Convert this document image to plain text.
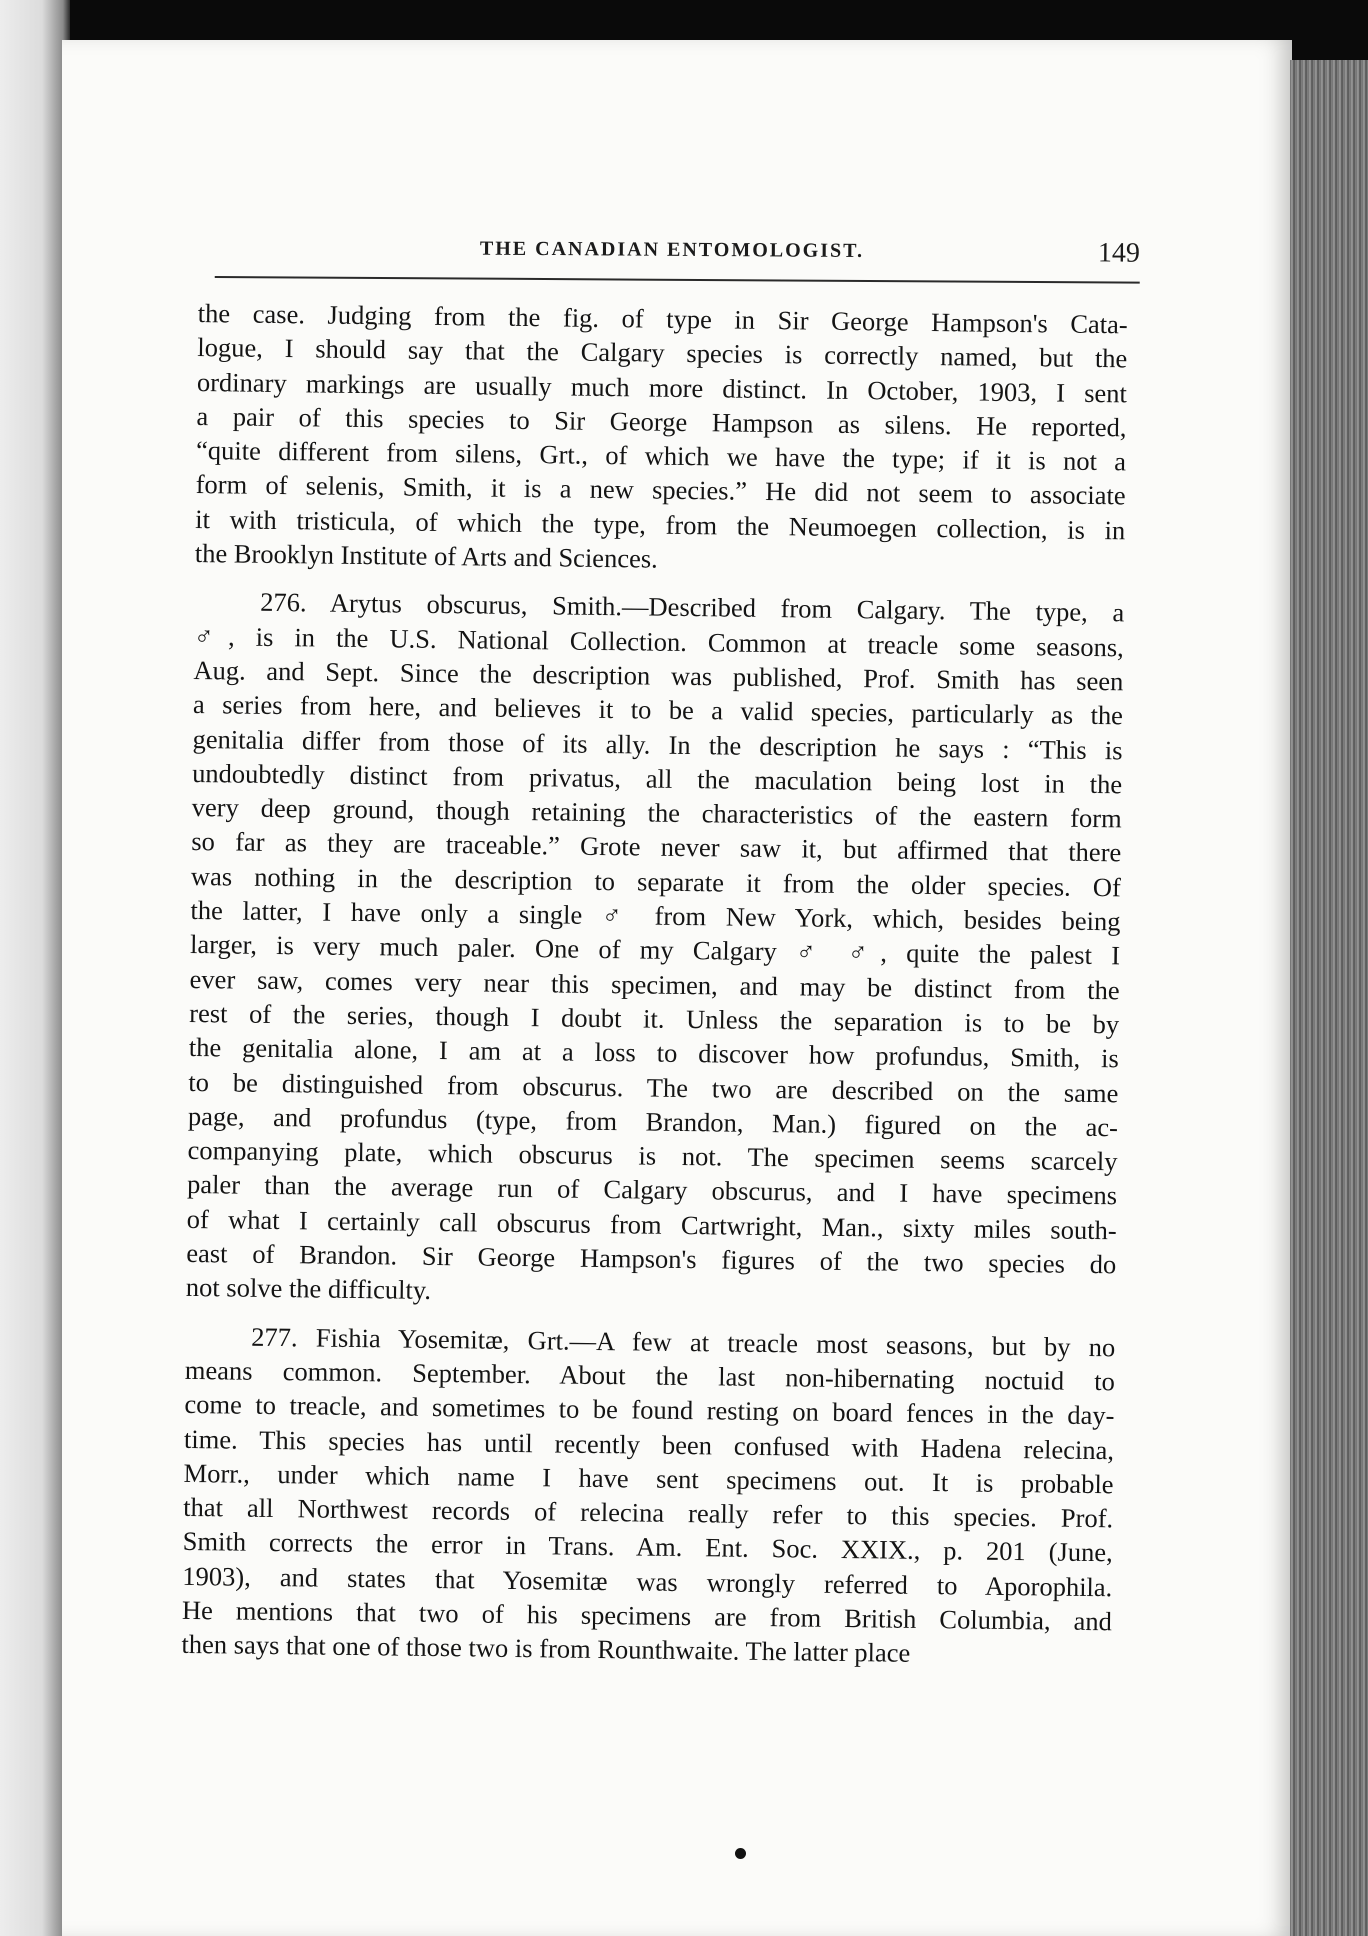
THE CANADIAN ENTOMOLOGIST.	149
the case. Judging from the fig. of type in Sir George Hampson's Cata-
logue, I should say that the Calgary species is correctly named, but the
ordinary markings are usually much more distinct. In October, 1903, I sent
a pair of this species to Sir George Hampson as silens. He reported,
“quite different from silens, Grt., of which we have the type; if it is not a
form of selenis, Smith, it is a new species.” He did not seem to associate
it with tristicula, of which the type, from the Neumoegen collection, is in
the Brooklyn Institute of Arts and Sciences.
276. Arytus obscurus, Smith.—Described from Calgary. The type, a
♂, is in the U.S. National Collection. Common at treacle some seasons,
Aug. and Sept. Since the description was published, Prof. Smith has seen
a series from here, and believes it to be a valid species, particularly as the
genitalia differ from those of its ally. In the description he says : “This is
undoubtedly distinct from privatus, all the maculation being lost in the
very deep ground, though retaining the characteristics of the eastern form
so far as they are traceable.” Grote never saw it, but affirmed that there
was nothing in the description to separate it from the older species. Of
the latter, I have only a single ♂ from New York, which, besides being
larger, is very much paler. One of my Calgary ♂ ♂, quite the palest I
ever saw, comes very near this specimen, and may be distinct from the
rest of the series, though I doubt it. Unless the separation is to be by
the genitalia alone, I am at a loss to discover how profundus, Smith, is
to be distinguished from obscurus. The two are described on the same
page, and profundus (type, from Brandon, Man.) figured on the ac-
companying plate, which obscurus is not. The specimen seems scarcely
paler than the average run of Calgary obscurus, and I have specimens
of what I certainly call obscurus from Cartwright, Man., sixty miles south-
east of Brandon. Sir George Hampson's figures of the two species do
not solve the difficulty.
277. Fishia Yosemitæ, Grt.—A few at treacle most seasons, but by no
means common. September. About the last non-hibernating noctuid to
come to treacle, and sometimes to be found resting on board fences in the day-
time. This species has until recently been confused with Hadena relecina,
Morr., under which name I have sent specimens out. It is probable
that all Northwest records of relecina really refer to this species. Prof.
Smith corrects the error in Trans. Am. Ent. Soc. XXIX., p. 201 (June,
1903), and states that Yosemitæ was wrongly referred to Aporophila.
He mentions that two of his specimens are from British Columbia, and
then says that one of those two is from Rounthwaite. The latter place
